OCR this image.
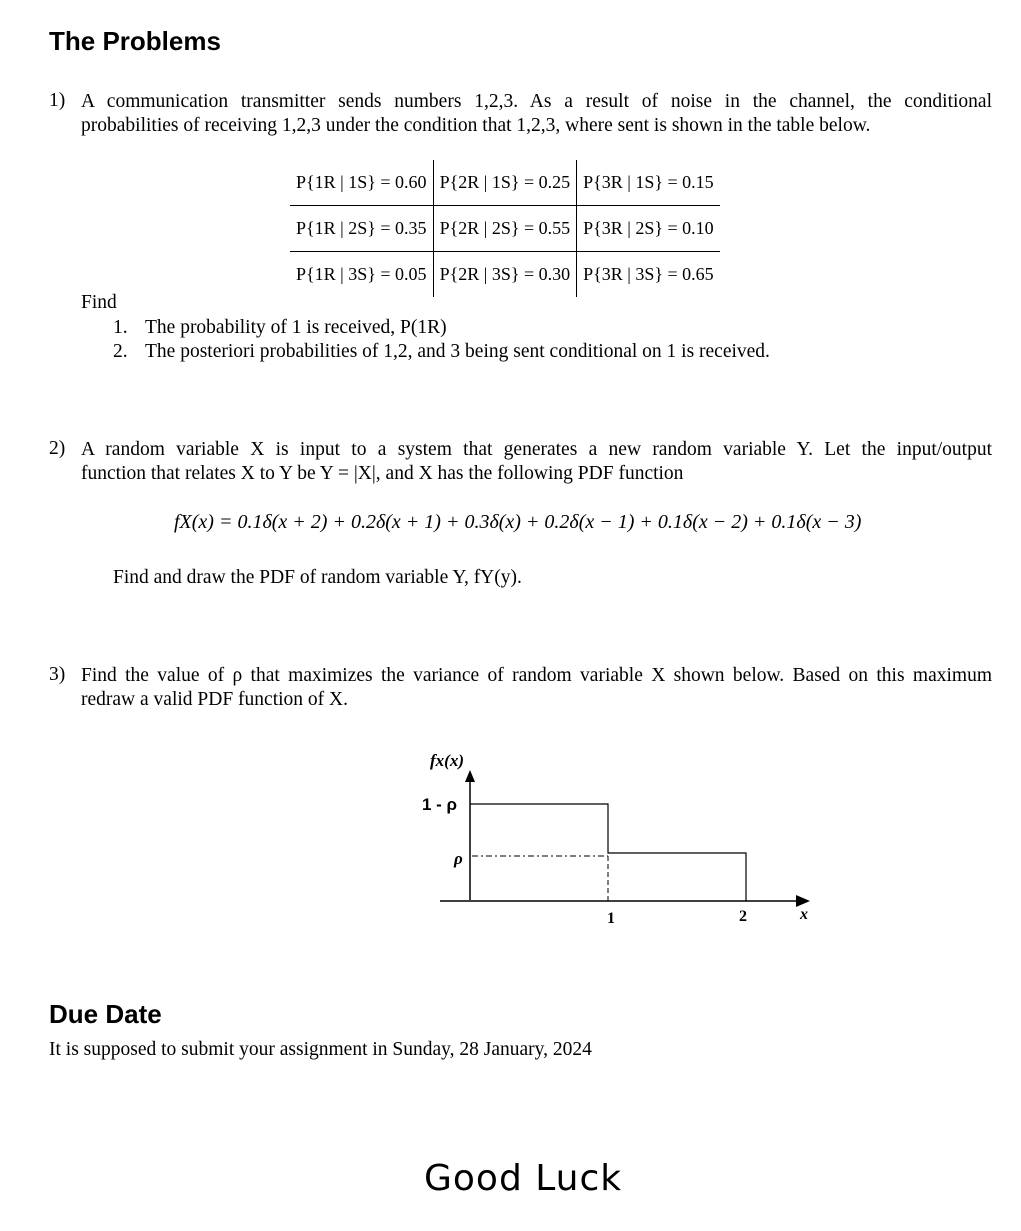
The Problems
1) A communication transmitter sends numbers 1,2,3. As a result of noise in the channel, the conditional
probabilities of receiving 1,2,3 under the condition that 1,2,3, where sent is shown in the table below.
P{1R | 1S} = 0.60	P{2R | 1S} = 0.25	P{3R | 1S} = 0.15
P{1R | 2S} = 0.35	P{2R | 2S} = 0.55	P{3R | 2S} = 0.10
P{1R | 3S} = 0.05	P{2R | 3S} = 0.30	P{3R | 3S} = 0.65
Find
1. The probability of 1 is received, P(1R)
2. The posteriori probabilities of 1,2, and 3 being sent conditional on 1 is received.
2) A random variable X is input to a system that generates a new random variable Y. Let the input/output
function that relates X to Y be Y = |X|, and X has the following PDF function
fX(x) = 0.1δ(x + 2) + 0.2δ(x + 1) + 0.3δ(x) + 0.2δ(x − 1) + 0.1δ(x − 2) + 0.1δ(x − 3)
Find and draw the PDF of random variable Y, fY(y).
3) Find the value of ρ that maximizes the variance of random variable X shown below. Based on this maximum
redraw a valid PDF function of X.
fx(x)
1 - ρ
ρ
1	2	x
Due Date
It is supposed to submit your assignment in Sunday, 28 January, 2024
Good Luck
